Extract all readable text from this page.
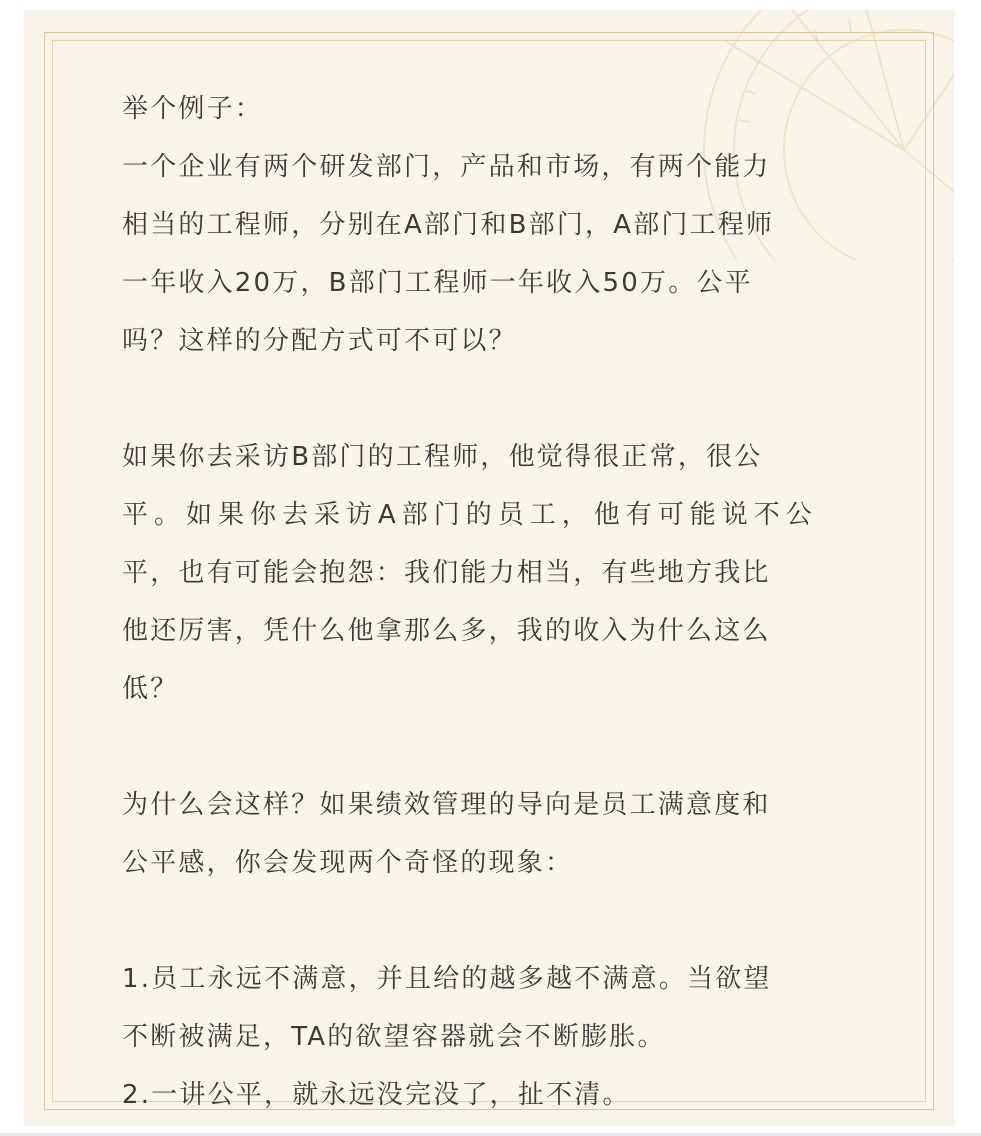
举个例子：
一个企业有两个研发部门，产品和市场，有两个能力
相当的工程师，分别在A部门和B部门，A部门工程师
一年收入20万，B部门工程师一年收入50万。公平
吗？这样的分配方式可不可以？
如果你去采访B部门的工程师，他觉得很正常，很公
平。如果你去采访A部门的员工，他有可能说不公
平，也有可能会抱怨：我们能力相当，有些地方我比
他还厉害，凭什么他拿那么多，我的收入为什么这么
低？
为什么会这样？如果绩效管理的导向是员工满意度和
公平感，你会发现两个奇怪的现象：
1.员工永远不满意，并且给的越多越不满意。当欲望
不断被满足，TA的欲望容器就会不断膨胀。
2.一讲公平，就永远没完没了，扯不清。
